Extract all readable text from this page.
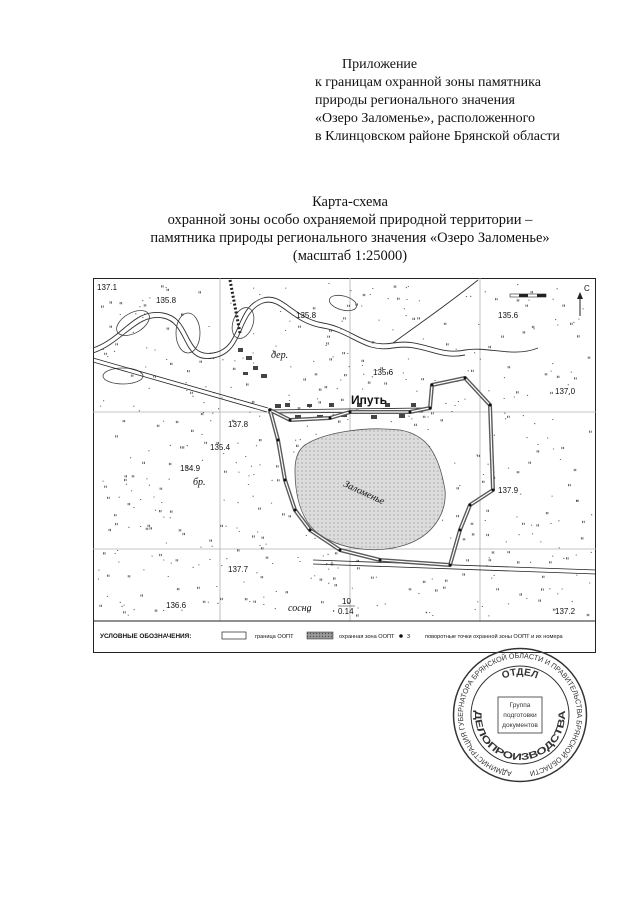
Приложение
к границам охранной зоны памятника
природы регионального значения
«Озеро Заломенье», расположенного
в Клинцовском районе Брянской области
Карта-схема
охранной зоны особо охраняемой природной территории –
памятника природы регионального значения «Озеро Заломенье»
(масштаб 1:25000)
137.1
135.8
135.8	135.6
дер.
135.6
Ипуть
137.0
137.8
135.4
134.9
бр.	Заломенье	137.9
137.7
136.6	сосна
10
0.14	137.2
С
УСЛОВНЫЕ ОБОЗНАЧЕНИЯ:	граница ООПТ	охранная зона ООПТ 3	поворотные точки охранной зоны ООПТ и их номера
АДМИНИСТРАЦИЯ ГУБЕРНАТОРА БРЯНСКОЙ ОБЛАСТИ И ПРАВИТЕЛЬСТВА БРЯНСКОЙ ОБЛАСТИ
ОТДЕЛ
ДЕЛОПРОИЗВОДСТВА
Группа
подготовки
документов
